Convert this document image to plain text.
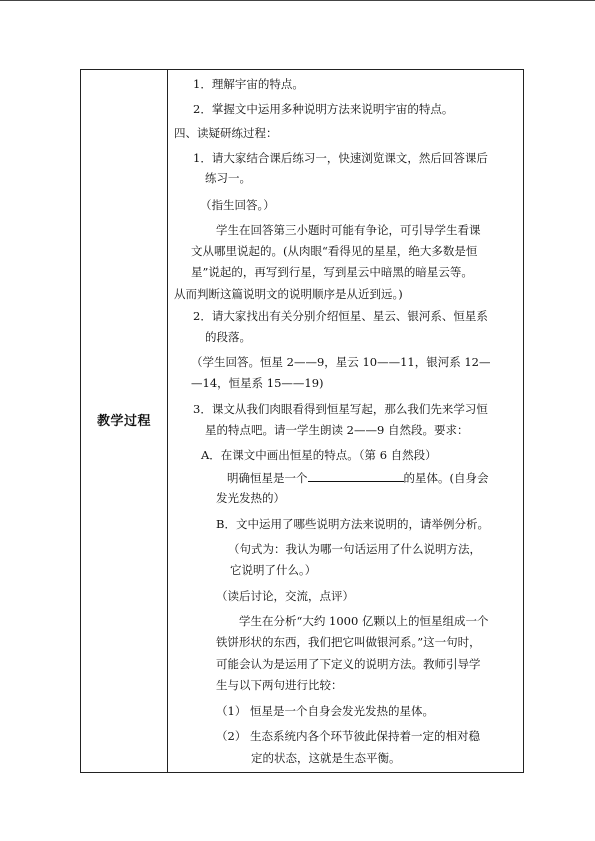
教学过程
1．理解宇宙的特点。
2．掌握文中运用多种说明方法来说明宇宙的特点。
四、读疑研练过程：
1．请大家结合课后练习一，快速浏览课文，然后回答课后
练习一。
（指生回答。）
学生在回答第三小题时可能有争论，可引导学生看课
文从哪里说起的。(从肉眼“看得见的星星，绝大多数是恒
星”说起的，再写到行星，写到星云中暗黑的暗星云等。
从而判断这篇说明文的说明顺序是从近到远。)
2．请大家找出有关分别介绍恒星、星云、银河系、恒星系
的段落。
（学生回答。恒星 2——9，星云 10——11，银河系 12—
—14，恒星系 15——19)
3．课文从我们肉眼看得到恒星写起，那么我们先来学习恒
星的特点吧。请一学生朗读 2——9 自然段。要求：
A．在课文中画出恒星的特点。（第 6 自然段）
明确恒星是一个	的星体。(自身会
发光发热的）
B．文中运用了哪些说明方法来说明的，请举例分析。
（句式为：我认为哪一句话运用了什么说明方法，
它说明了什么。）
（读后讨论，交流，点评）
学生在分析“大约 1000 亿颗以上的恒星组成一个
铁饼形状的东西，我们把它叫做银河系。”这一句时，
可能会认为是运用了下定义的说明方法。教师引导学
生与以下两句进行比较：
（1） 恒星是一个自身会发光发热的星体。
（2） 生态系统内各个环节彼此保持着一定的相对稳
定的状态，这就是生态平衡。
